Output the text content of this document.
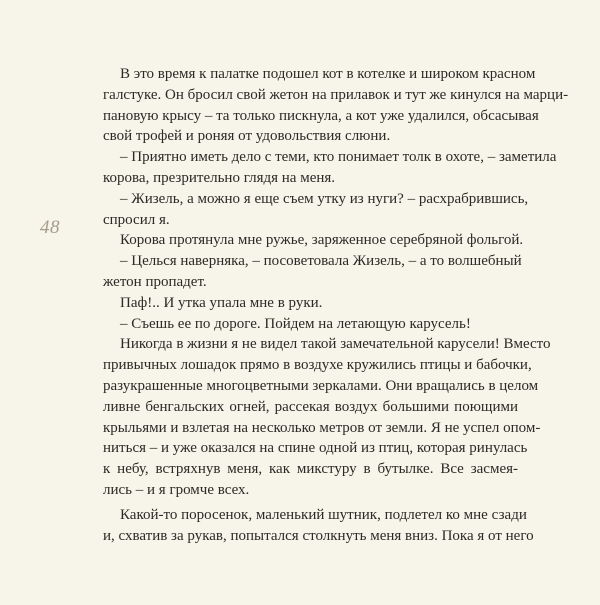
48
В это время к палатке подошел кот в котелке и широком красном
галстуке. Он бросил свой жетон на прилавок и тут же кинулся на марци-
пановую крысу – та только пискнула, а кот уже удалился, обсасывая
свой трофей и роняя от удовольствия слюни.
– Приятно иметь дело с теми, кто понимает толк в охоте, – заметила
корова, презрительно глядя на меня.
– Жизель, а можно я еще съем утку из нуги? – расхрабрившись,
спросил я.
Корова протянула мне ружье, заряженное серебряной фольгой.
– Целься наверняка, – посоветовала Жизель, – а то волшебный
жетон пропадет.
Паф!.. И утка упала мне в руки.
– Съешь ее по дороге. Пойдем на летающую карусель!
Никогда в жизни я не видел такой замечательной карусели! Вместо
привычных лошадок прямо в воздухе кружились птицы и бабочки,
разукрашенные многоцветными зеркалами. Они вращались в целом
ливне бенгальских огней, рассекая воздух большими поющими
крыльями и взлетая на несколько метров от земли. Я не успел опом-
ниться – и уже оказался на спине одной из птиц, которая ринулась
к небу, встряхнув меня, как микстуру в бутылке. Все засмея-
лись – и я громче всех.
Какой-то поросенок, маленький шутник, подлетел ко мне сзади
и, схватив за рукав, попытался столкнуть меня вниз. Пока я от него
